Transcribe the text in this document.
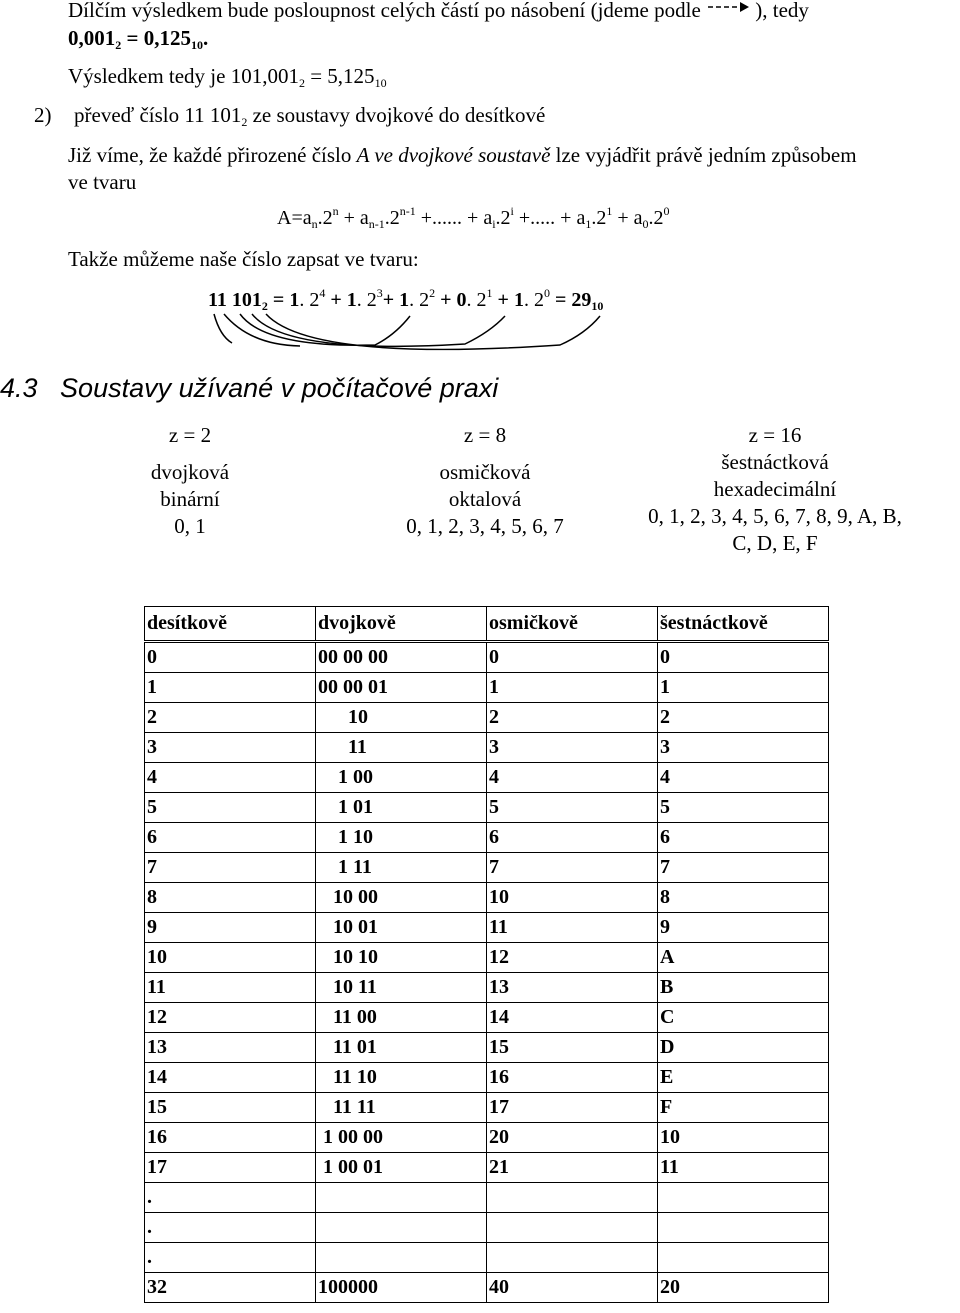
Dílčím výsledkem bude posloupnost celých částí po násobení (jdeme podle	), tedy
$0,001_2 = 0,125_{10}$.
Výsledkem tedy je $101,001_2 = 5,125_{10}$
2) převeď číslo 11 $101_2$ ze soustavy dvojkové do desítkové
Již víme, že každé přirozené číslo A ve dvojkové soustavě lze vyjádřit právě jedním způsobem
ve tvaru
$A=a_n.2^n + a_{n-1}.2^{n-1}$ +...... + $a_i.2^i$ +..... + $a_1.2^1 + a_0.2^0$
Takže můžeme naše číslo zapsat ve tvaru:
11 $101_2 = 1$. $2^4 + 1$. $2^3+ 1$. $2^2 + 0$. $2^1 + 1$. $2^0 = 29_{10}$
4.3   Soustavy užívané v počítačové praxi
z = 2
dvojková
binární
0, 1
z = 8
osmičková
oktalová
0, 1, 2, 3, 4, 5, 6, 7
z = 16
šestnáctková
hexadecimální
0, 1, 2, 3, 4, 5, 6, 7, 8, 9, A, B,
C, D, E, F
desítkově	dvojkově	osmičkově	šestnáctkově
0	00 00 00	0	0
1	00 00 01	1	1
2	10	2	2
3	11	3	3
4	1 00	4	4
5	1 01	5	5
6	1 10	6	6
7	1 11	7	7
8	10 00	10	8
9	10 01	11	9
10	10 10	12	A
11	10 11	13	B
12	11 00	14	C
13	11 01	15	D
14	11 10	16	E
15	11 11	17	F
16	1 00 00	20	10
17	1 00 01	21	11
.			
.			
.			
32	100000	40	20
